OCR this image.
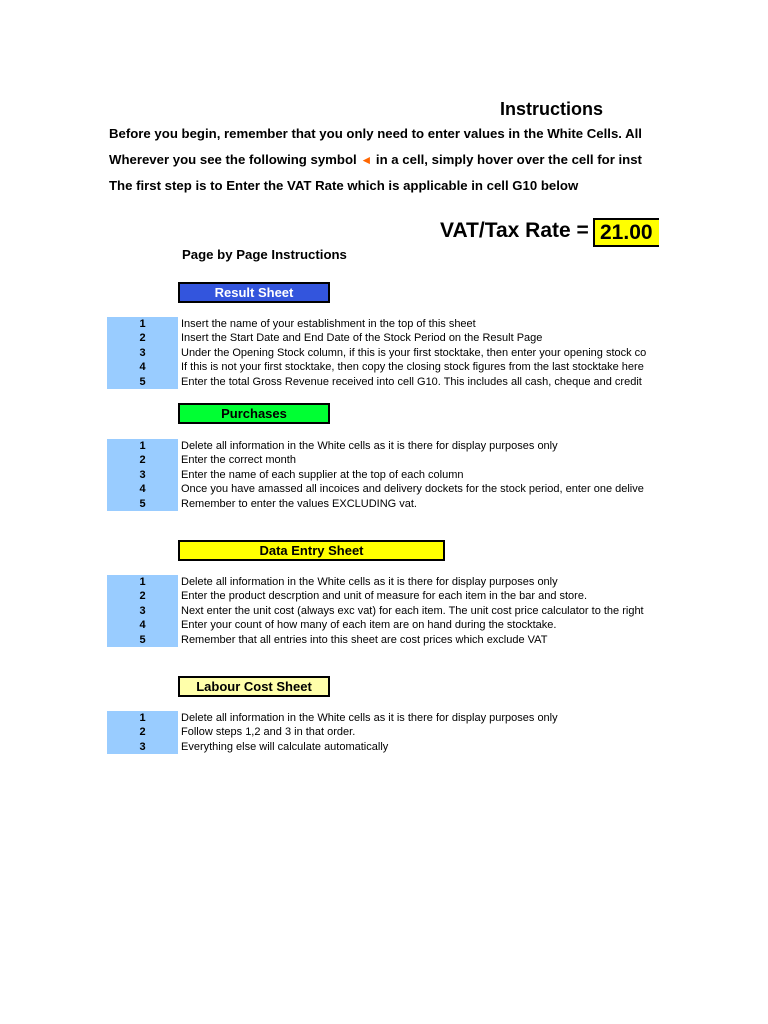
Instructions
Before you begin, remember that you only need to enter values in the White Cells. All
Wherever you see the following symbol ◄ in a cell, simply hover over the cell for inst
The first step is to Enter the VAT Rate which is applicable in cell G10 below
VAT/Tax Rate = 21.00
Page by Page Instructions
Result Sheet
1	Insert the name of your establishment in the top of this sheet
2	Insert the Start Date and End Date of the Stock Period on the Result Page
3	Under the Opening Stock column, if this is your first stocktake, then enter your opening stock co
4	If this is not your first stocktake, then copy the closing stock figures from the last stocktake here
5	Enter the total Gross Revenue received into cell G10. This includes all cash, cheque and credit
Purchases
1	Delete all information in the White cells as it is there for display purposes only
2	Enter the correct month
3	Enter the name of each supplier at the top of each column
4	Once you have amassed all incoices and delivery dockets for the stock period, enter one delive
5	Remember to enter the values EXCLUDING vat.
Data Entry Sheet
1	Delete all information in the White cells as it is there for display purposes only
2	Enter the product descrption and unit of measure for each item in the bar and store.
3	Next enter the unit cost (always exc vat) for each item. The unit cost price calculator to the right
4	Enter your count of how many of each item are on hand during the stocktake.
5	Remember that all entries into this sheet are cost prices which exclude VAT
Labour Cost Sheet
1	Delete all information in the White cells as it is there for display purposes only
2	Follow steps 1,2 and 3 in that order.
3	Everything else will calculate automatically
